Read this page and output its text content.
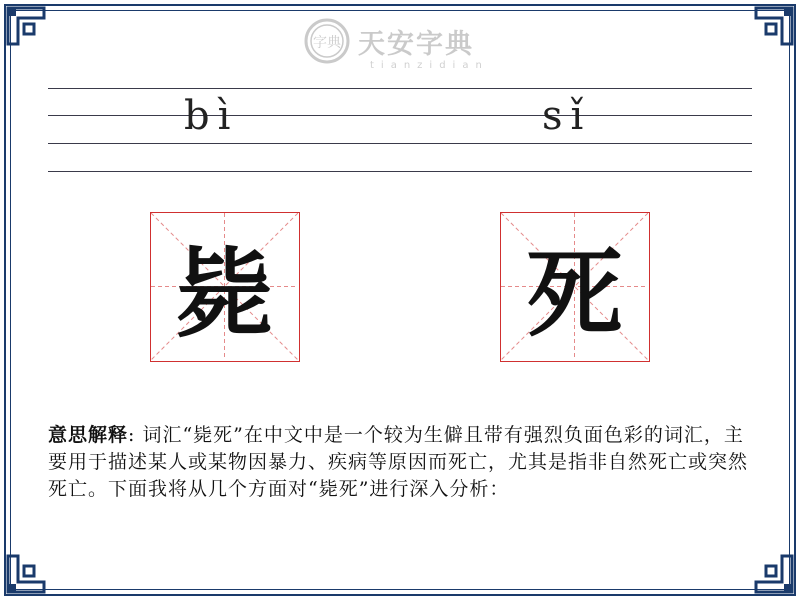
字典 天安字典
tianzidian
bì	sǐ
毙	死
意思解释: 词汇“毙死”在中文中是一个较为生僻且带有强烈负面色彩的词汇，主要用于描述某人或某物因暴力、疾病等原因而死亡，尤其是指非自然死亡或突然死亡。下面我将从几个方面对“毙死”进行深入分析：
